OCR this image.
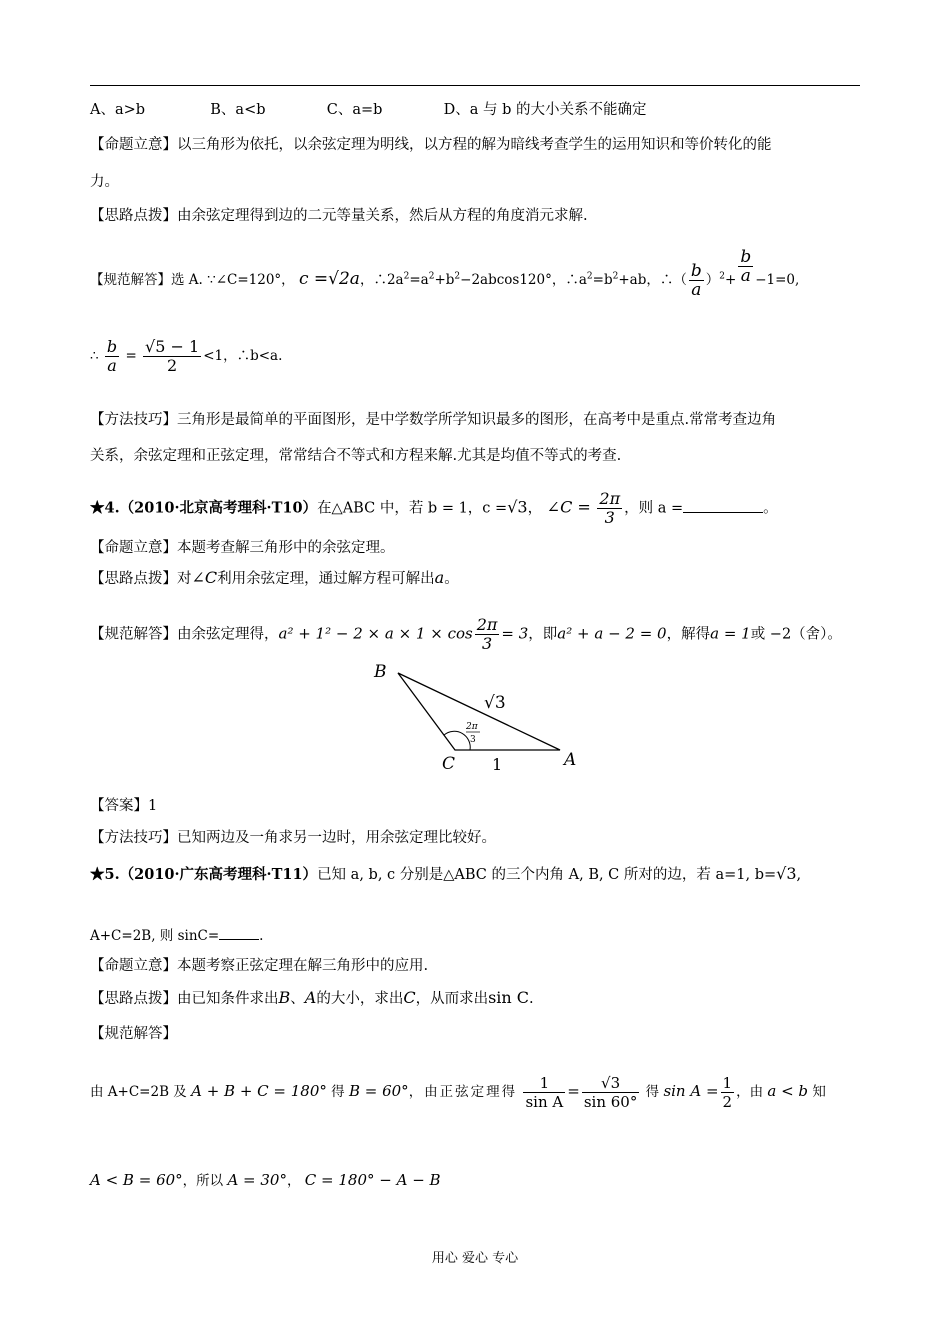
A、a>b	B、a<b	C、a=b	D、a 与 b 的大小关系不能确定
【命题立意】以三角形为依托，以余弦定理为明线，以方程的解为暗线考查学生的运用知识和等价转化的能
力。
【思路点拨】由余弦定理得到边的二元等量关系，然后从方程的角度消元求解.
【规范解答】选 A. ∵∠C=120°， c =√2a，$\therefore 2a^2=a^2+b^2-2abcos120^\circ$，$\therefore a^2=b^2+ab$，∴（ $\frac{b}{a} )^2+ \frac{b}{a} -1=0$,
∴ $\frac{b}{a} = \frac{√5 - 1}{2} <1$，∴b<a.
【方法技巧】三角形是最简单的平面图形，是中学数学所学知识最多的图形，在高考中是重点.常常考查边角
关系，余弦定理和正弦定理，常常结合不等式和方程来解.尤其是均值不等式的考查.
★4.（2010·北京高考理科·T10）在△ABC 中，若 b = 1，c =√3， ∠C = $\frac{2\pi}{3}$ ，则 a =	。
【命题立意】本题考查解三角形中的余弦定理。
【思路点拨】对∠C利用余弦定理，通过解方程可解出a。
【规范解答】由余弦定理得，$a^2 + 1^2 - 2 \times a \times 1 \times \cos \frac{2\pi}{3} = 3$，即a² + a − 2 = 0，解得a = 1或 −2（舍）。
B
C	A
√3
1
2π
3
【答案】1
【方法技巧】已知两边及一角求另一边时，用余弦定理比较好。
★5.（2010·广东高考理科·T11）已知 a, b, c 分别是△ABC 的三个内角 A, B, C 所对的边，若 a=1, b=√3,
A+C=2B, 则 sinC=	.
【命题立意】本题考察正弦定理在解三角形中的应用.
【思路点拨】由已知条件求出B、A的大小，求出C，从而求出sin C.
【规范解答】
由 A+C=2B 及 A + B + C = 180° 得 B = 60°，由正弦定理得 $\frac{1}{\text{sin A}} = \frac{√3}{\sin 60^\circ}$ 得 $\sin A = \frac{1}{2}$ ，由 a < b 知
A < B = 60°，所以 A = 30°， C = 180° − A − B
用心 爱心 专心
